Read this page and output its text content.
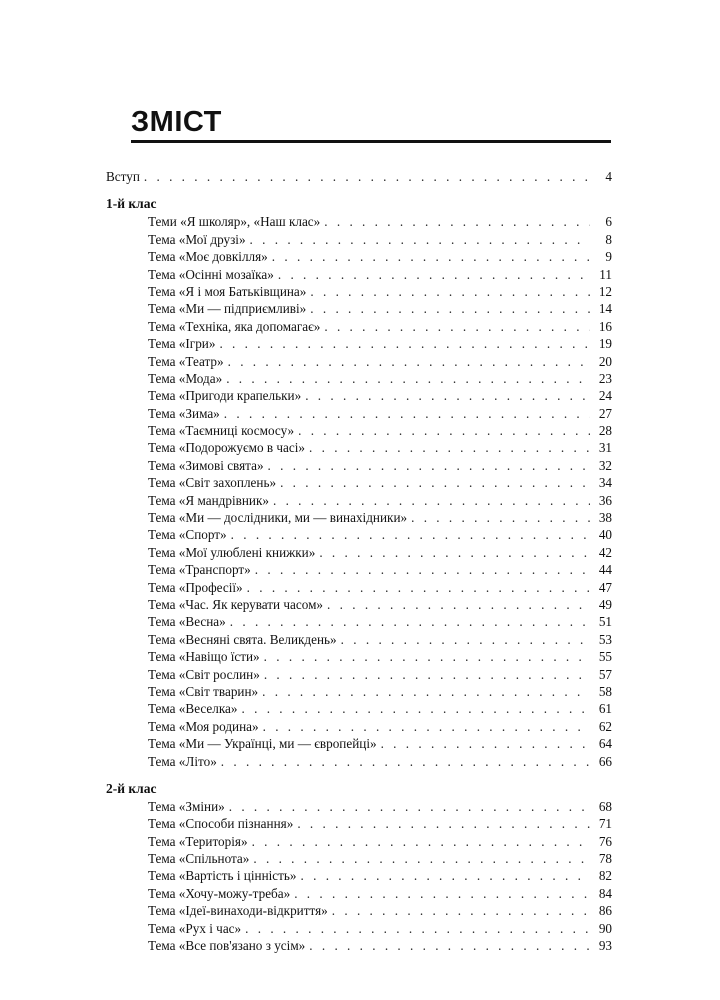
ЗМІСТ
Вступ . . .	4
1-й клас
Теми «Я школяр», «Наш клас» . . .	6
Тема «Мої друзі» . . .	8
Тема «Моє довкілля» . . .	9
Тема «Осінні мозаїка» . . .	11
Тема «Я і моя Батьківщина» . . .	12
Тема «Ми — підприємливі» . . .	14
Тема «Техніка, яка допомагає» . . .	16
Тема «Ігри» . . .	19
Тема «Театр» . . .	20
Тема «Мода» . . .	23
Тема «Пригоди крапельки» . . .	24
Тема «Зима» . . .	27
Тема «Таємниці космосу» . . .	28
Тема «Подорожуємо в часі» . . .	31
Тема «Зимові свята» . . .	32
Тема «Світ захоплень» . . .	34
Тема «Я мандрівник» . . .	36
Тема «Ми — дослідники, ми — винахідники» . . .	38
Тема «Спорт» . . .	40
Тема «Мої улюблені книжки» . . .	42
Тема «Транспорт» . . .	44
Тема «Професії» . . .	47
Тема «Час. Як керувати часом» . . .	49
Тема «Весна» . . .	51
Тема «Весняні свята. Великдень» . . .	53
Тема «Навіщо їсти» . . .	55
Тема «Світ рослин» . . .	57
Тема «Світ тварин» . . .	58
Тема «Веселка» . . .	61
Тема «Моя родина» . . .	62
Тема «Ми — Українці, ми — європейці» . . .	64
Тема «Літо» . . .	66
2-й клас
Тема «Зміни» . . .	68
Тема «Способи пізнання» . . .	71
Тема «Територія» . . .	76
Тема «Спільнота» . . .	78
Тема «Вартість і цінність» . . .	82
Тема «Хочу-можу-треба» . . .	84
Тема «Ідеї-винаходи-відкриття» . . .	86
Тема «Рух і час» . . .	90
Тема «Все пов'язано з усім» . . .	93
